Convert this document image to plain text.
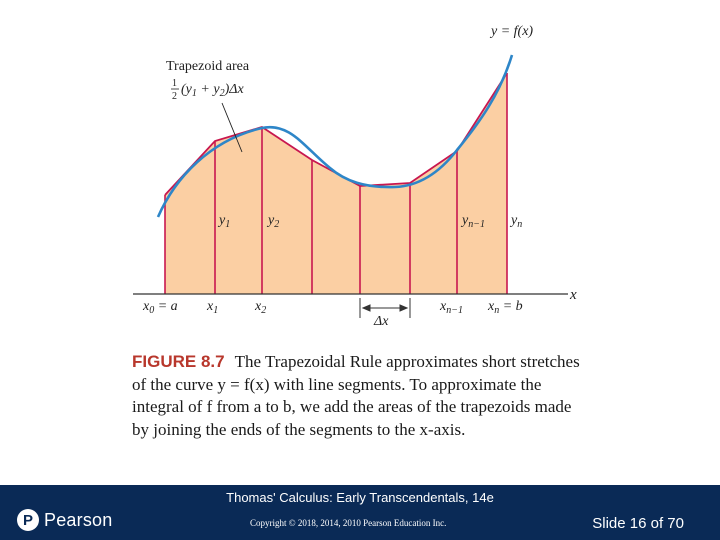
x
y = f(x)
Trapezoid area
1
2 $(y_1 + y_2)\Delta x$
$y_1$	$y_2$	$y_{n-1}$ $y_n$
$x_0 = a$ $x_1$	$x_2$	$x_{n-1}$ $x_n = b$
Δx
FIGURE 8.7 The Trapezoidal Rule approximates short stretches of the curve y = f(x) with line segments. To approximate the integral of f from a to b, we add the areas of the trapezoids made by joining the ends of the segments to the x-axis.
Thomas' Calculus: Early Transcendentals, 14e
P Pearson	Copyright © 2018, 2014, 2010 Pearson Education Inc.	Slide 16 of 70
